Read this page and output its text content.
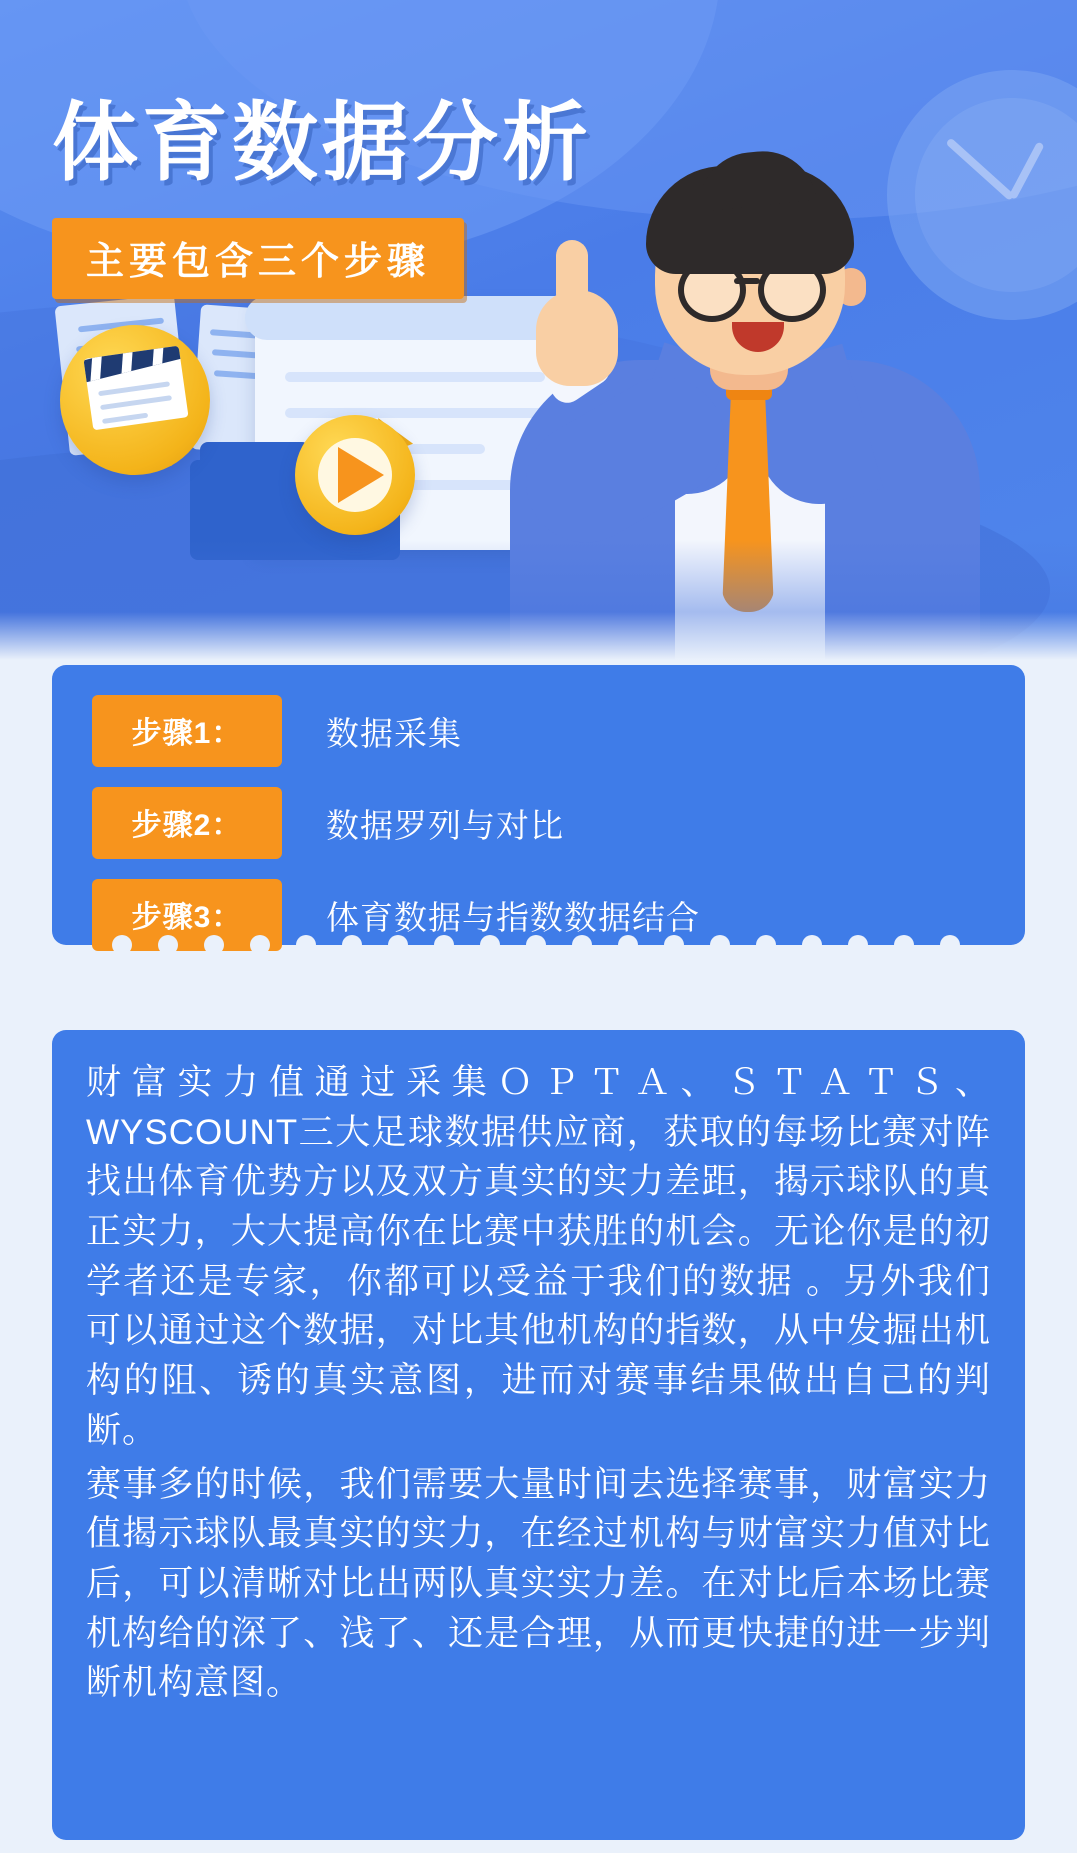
体育数据分析
主要包含三个步骤
步骤1：	数据采集
步骤2：	数据罗列与对比
步骤3：	体育数据与指数数据结合

财富实力值通过采集ＯＰＴＡ、ＳＴＡＴＳ、WYSCOUNT三大足球数据供应商，获取的每场比赛对阵找出体育优势方以及双方真实的实力差距，揭示球队的真正实力，大大提高你在比赛中获胜的机会。无论你是的初学者还是专家，你都可以受益于我们的数据 。另外我们可以通过这个数据，对比其他机构的指数，从中发掘出机构的阻、诱的真实意图，进而对赛事结果做出自己的判断。

赛事多的时候，我们需要大量时间去选择赛事，财富实力值揭示球队最真实的实力，在经过机构与财富实力值对比后，可以清晰对比出两队真实实力差。在对比后本场比赛机构给的深了、浅了、还是合理，从而更快捷的进一步判断机构意图。
